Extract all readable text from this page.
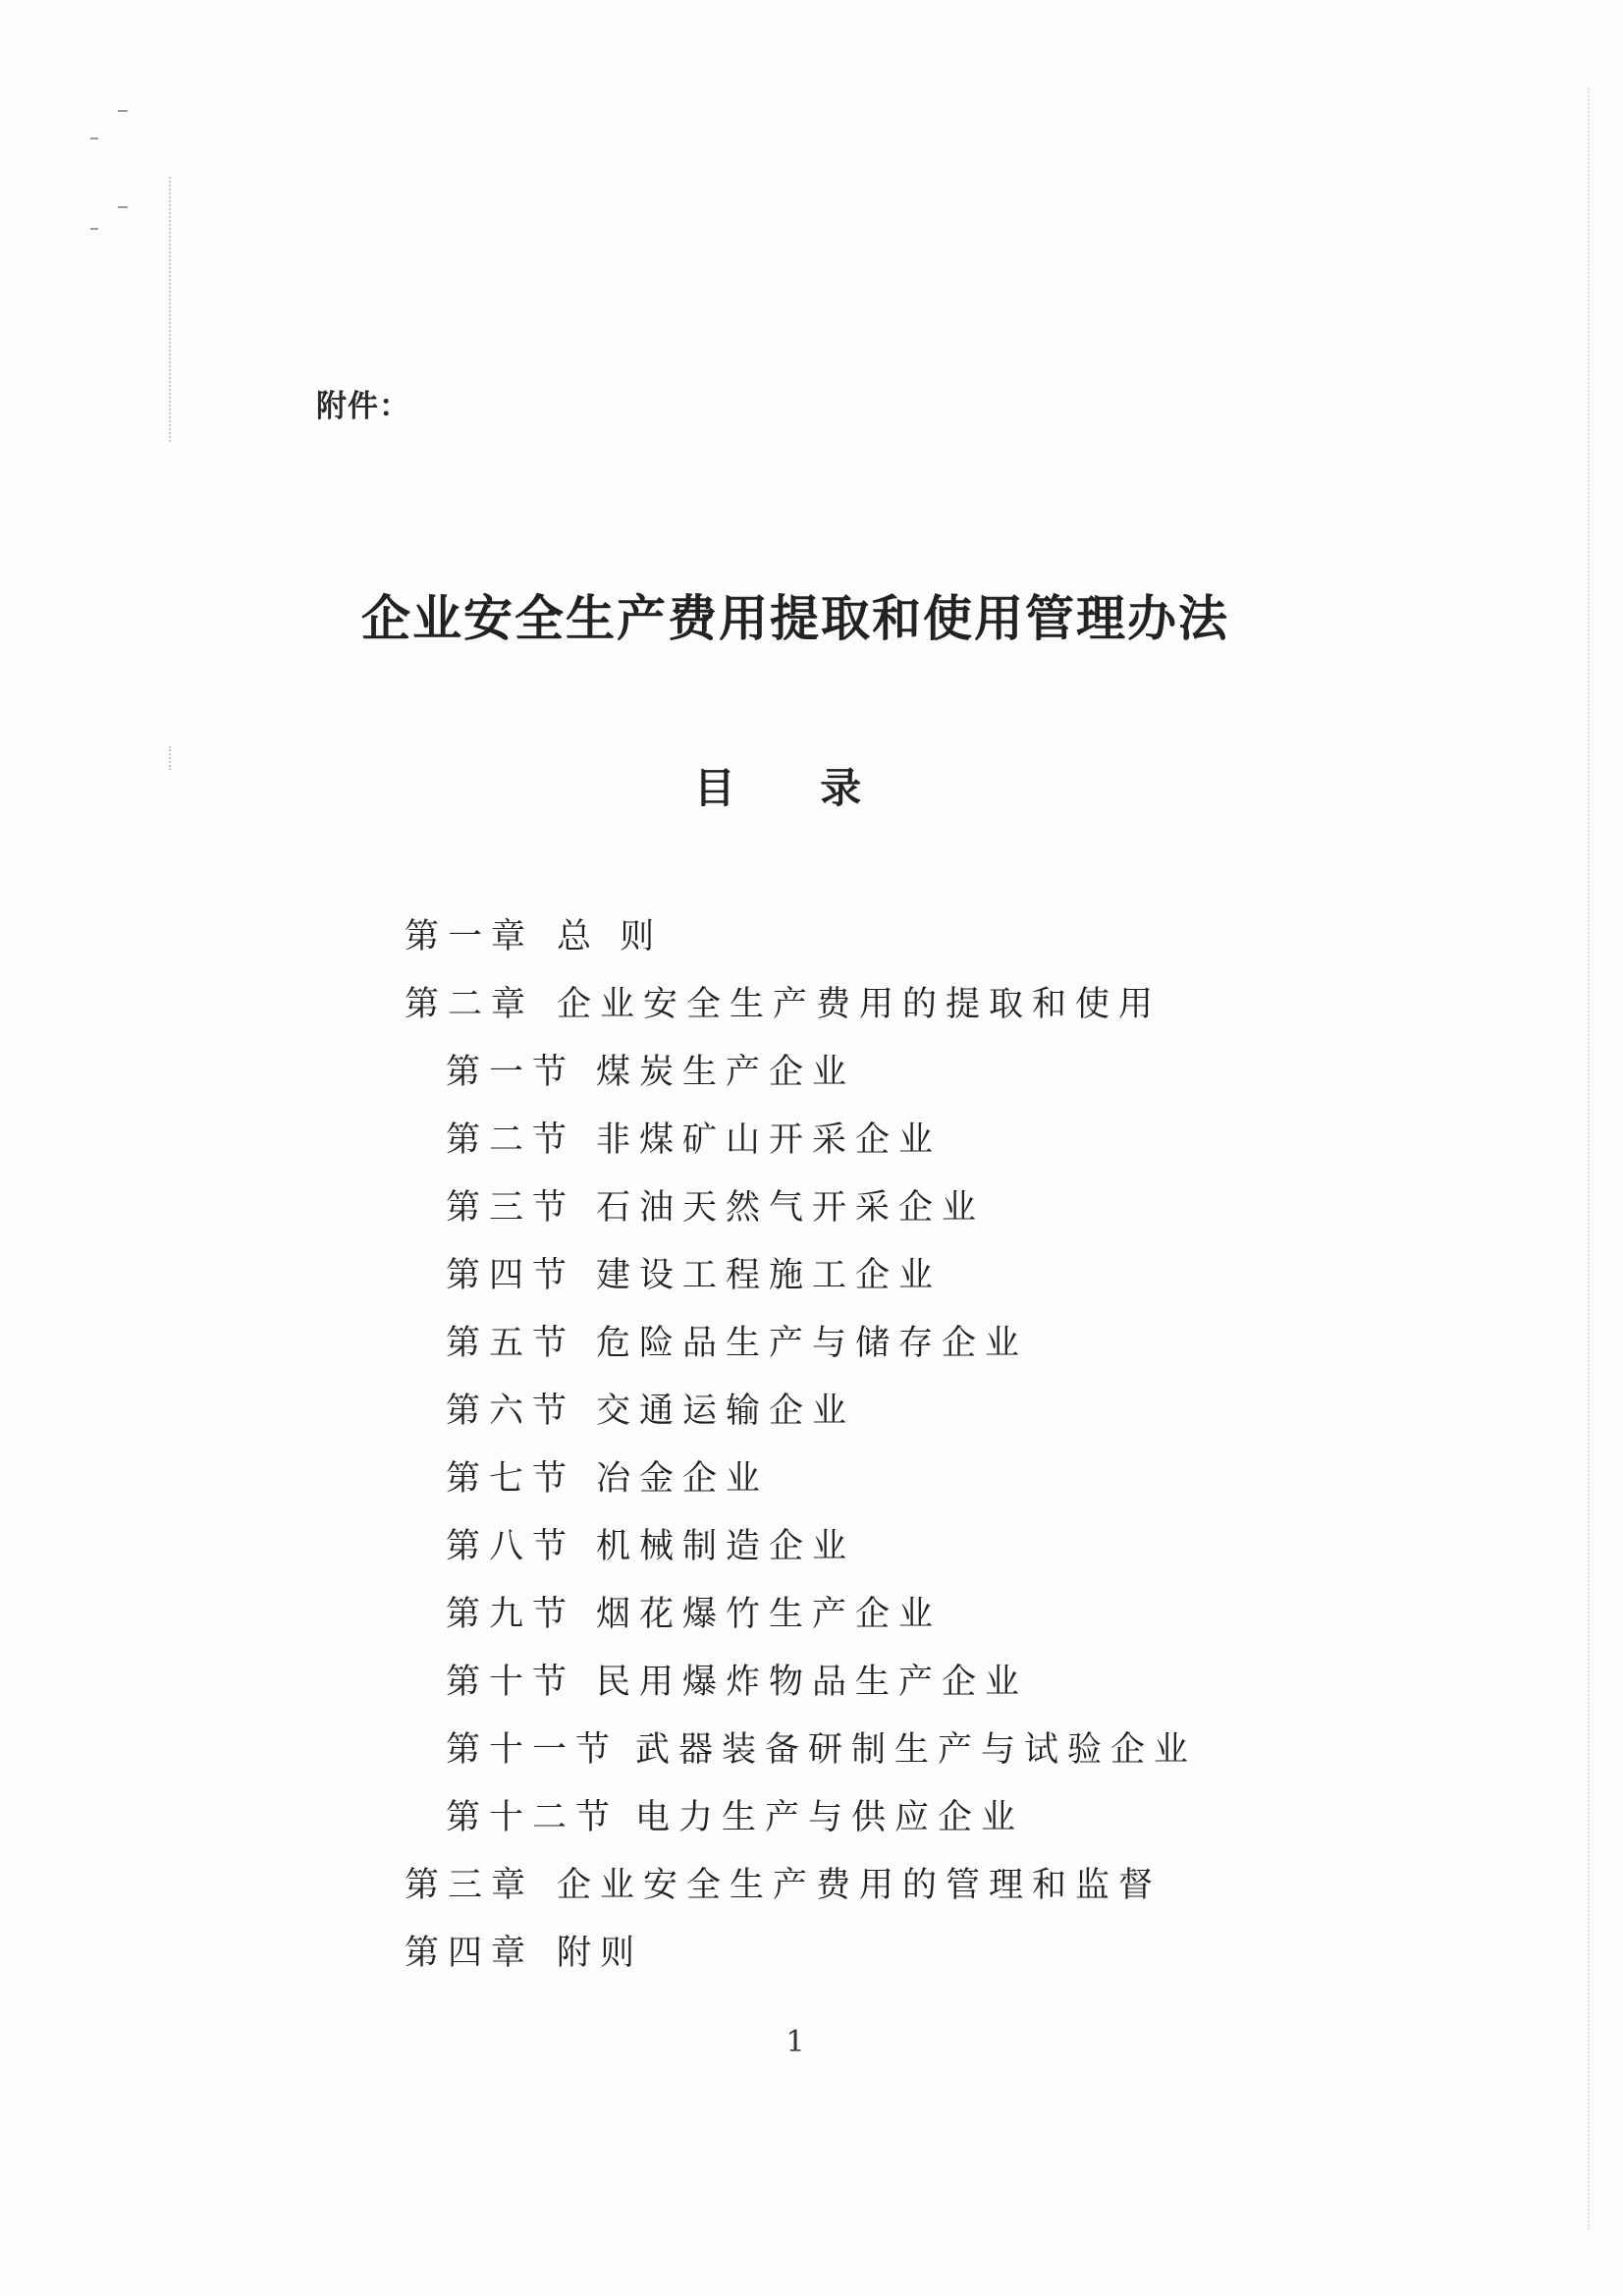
附件：
企业安全生产费用提取和使用管理办法
目 录
第一章 总 则
第二章 企业安全生产费用的提取和使用
第一节 煤炭生产企业
第二节 非煤矿山开采企业
第三节 石油天然气开采企业
第四节 建设工程施工企业
第五节 危险品生产与储存企业
第六节 交通运输企业
第七节 冶金企业
第八节 机械制造企业
第九节 烟花爆竹生产企业
第十节 民用爆炸物品生产企业
第十一节 武器装备研制生产与试验企业
第十二节 电力生产与供应企业
第三章 企业安全生产费用的管理和监督
第四章 附则
1
